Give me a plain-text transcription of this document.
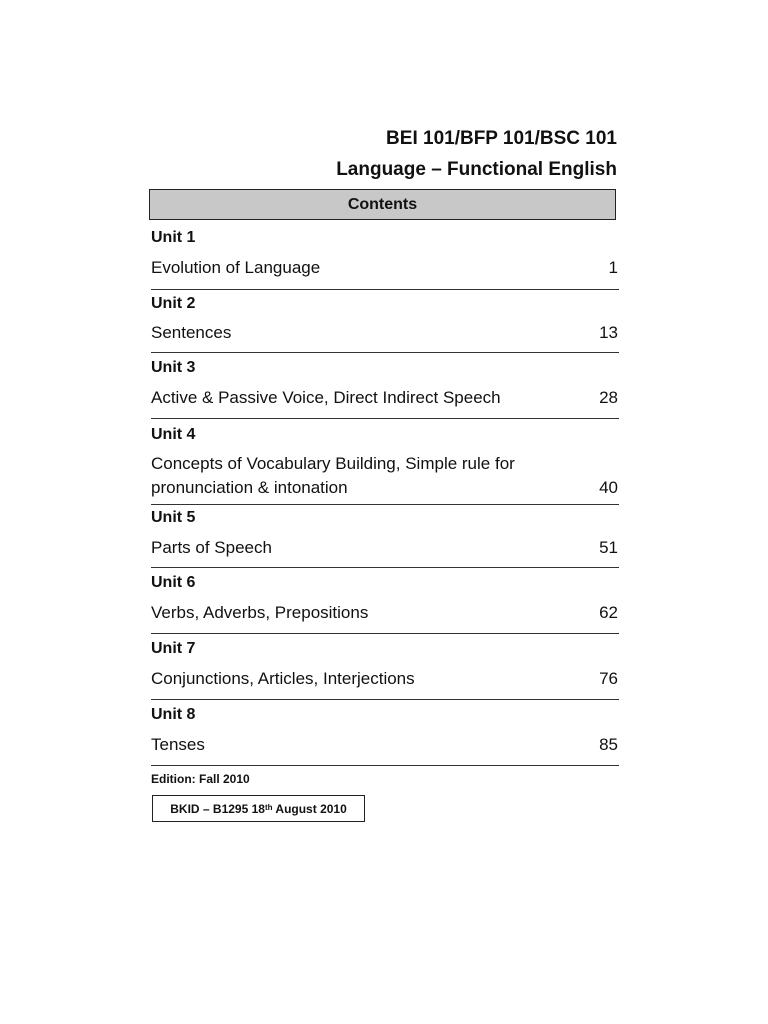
BEI 101/BFP 101/BSC 101
Language – Functional English
Contents
Unit 1
Evolution of Language	1
Unit 2
Sentences	13
Unit 3
Active & Passive Voice, Direct Indirect Speech	28
Unit 4
Concepts of Vocabulary Building, Simple rule for pronunciation & intonation	40
Unit 5
Parts of Speech	51
Unit 6
Verbs, Adverbs, Prepositions	62
Unit 7
Conjunctions, Articles, Interjections	76
Unit 8
Tenses	85
Edition: Fall 2010
BKID – B1295 18th August 2010
